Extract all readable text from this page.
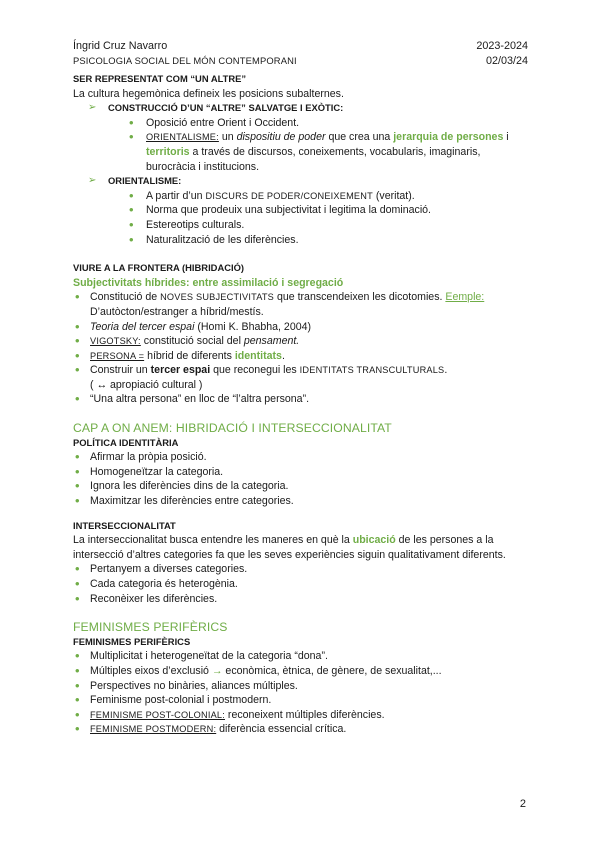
Íngrid Cruz Navarro	2023-2024
PSICOLOGIA SOCIAL DEL MÓN CONTEMPORANI	02/03/24
SER REPRESENTAT COM “UN ALTRE”
La cultura hegemònica defineix les posicions subalternes.
➢ CONSTRUCCIÓ D’UN “ALTRE” SALVATGE I EXÒTIC:
• Oposició entre Orient i Occident.
• ORIENTALISME: un dispositiu de poder que crea una jerarquia de persones i
territoris a través de discursos, coneixements, vocabularis, imaginaris,
burocràcia i institucions.
➢ ORIENTALISME:
• A partir d’un DISCURS DE PODER/CONEIXEMENT (veritat).
• Norma que prodeuix una subjectivitat i legitima la dominació.
• Estereotips culturals.
• Naturalització de les diferències.
VIURE A LA FRONTERA (HIBRIDACIÓ)
Subjectivitats híbrides: entre assimilació i segregació
• Constitució de NOVES SUBJECTIVITATS que transcendeixen les dicotomies. Eemple:
D’autòcton/estranger a híbrid/mestís.
• Teoria del tercer espai (Homi K. Bhabha, 2004)
• VIGOTSKY: constitució social del pensament.
• PERSONA = híbrid de diferents identitats.
• Construir un tercer espai que reconegui les IDENTITATS TRANSCULTURALS.
( ↔ apropiació cultural )
• “Una altra persona” en lloc de “l’altra persona”.
CAP A ON ANEM: HIBRIDACIÓ I INTERSECCIONALITAT
POLÍTICA IDENTITÀRIA
• Afirmar la pròpia posició.
• Homogeneïtzar la categoria.
• Ignora les diferències dins de la categoria.
• Maximitzar les diferències entre categories.
INTERSECCIONALITAT
La interseccionalitat busca entendre les maneres en què la ubicació de les persones a la
intersecció d’altres categories fa que les seves experiències siguin qualitativament diferents.
• Pertanyem a diverses categories.
• Cada categoria és heterogènia.
• Reconèixer les diferències.
FEMINISMES PERIFÈRICS
FEMINISMES PERIFÈRICS
• Multiplicitat i heterogeneïtat de la categoria “dona”.
• Múltiples eixos d’exclusió → econòmica, ètnica, de gènere, de sexualitat,...
• Perspectives no binàries, aliances múltiples.
• Feminisme post-colonial i postmodern.
• FEMINISME POST-COLONIAL: reconeixent múltiples diferències.
• FEMINISME POSTMODERN: diferència essencial crítica.
2
